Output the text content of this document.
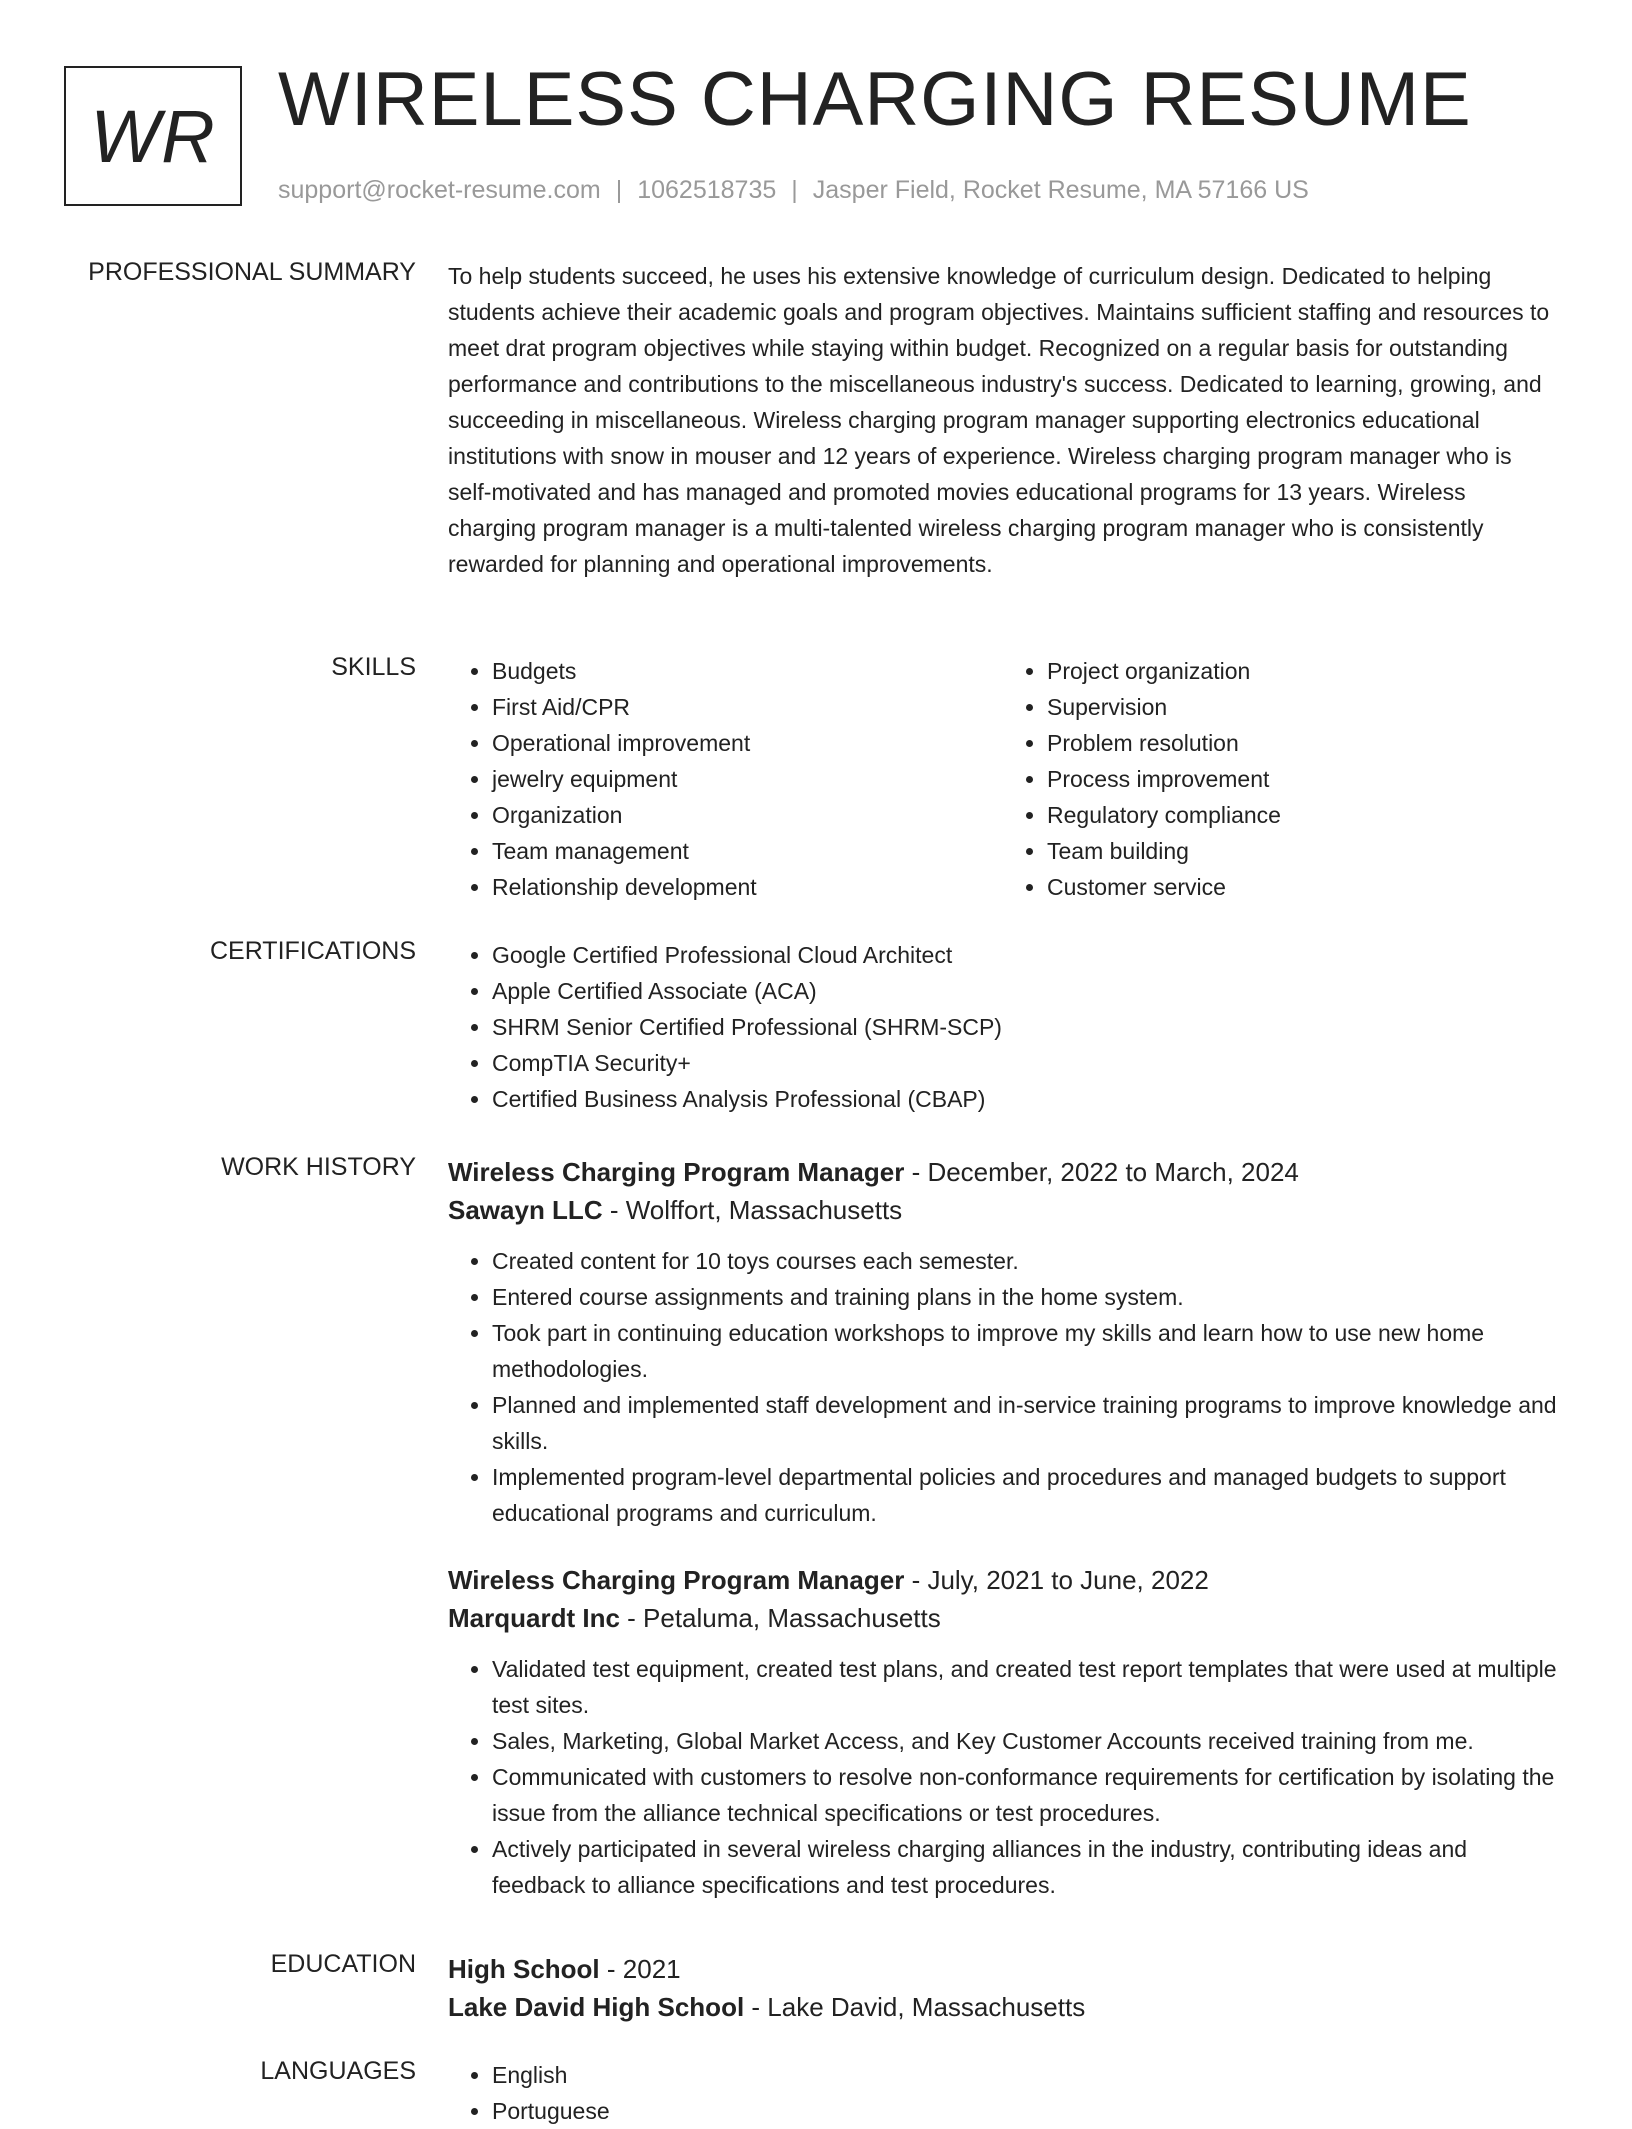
WR WIRELESS CHARGING RESUME
support@rocket-resume.com | 1062518735 | Jasper Field, Rocket Resume, MA 57166 US
PROFESSIONAL SUMMARY To help students succeed, he uses his extensive knowledge of curriculum design. Dedicated to helping students achieve their academic goals and program objectives. Maintains sufficient staffing and resources to meet drat program objectives while staying within budget. Recognized on a regular basis for outstanding performance and contributions to the miscellaneous industry's success. Dedicated to learning, growing, and succeeding in miscellaneous. Wireless charging program manager supporting electronics educational institutions with snow in mouser and 12 years of experience. Wireless charging program manager who is self-motivated and has managed and promoted movies educational programs for 13 years. Wireless charging program manager is a multi-talented wireless charging program manager who is consistently rewarded for planning and operational improvements.
SKILLS	• Budgets
• First Aid/CPR
• Operational improvement
• jewelry equipment
• Organization
• Team management
• Relationship development
• Project organization
• Supervision
• Problem resolution
• Process improvement
• Regulatory compliance
• Team building
• Customer service
CERTIFICATIONS	• Google Certified Professional Cloud Architect
• Apple Certified Associate (ACA)
• SHRM Senior Certified Professional (SHRM-SCP)
• CompTIA Security+
• Certified Business Analysis Professional (CBAP)
WORK HISTORY Wireless Charging Program Manager - December, 2022 to March, 2024
Sawayn LLC - Wolffort, Massachusetts
• Created content for 10 toys courses each semester.
• Entered course assignments and training plans in the home system.
• Took part in continuing education workshops to improve my skills and learn how to use new home methodologies.
• Planned and implemented staff development and in-service training programs to improve knowledge and skills.
• Implemented program-level departmental policies and procedures and managed budgets to support educational programs and curriculum.
Wireless Charging Program Manager - July, 2021 to June, 2022
Marquardt Inc - Petaluma, Massachusetts
• Validated test equipment, created test plans, and created test report templates that were used at multiple test sites.
• Sales, Marketing, Global Market Access, and Key Customer Accounts received training from me.
• Communicated with customers to resolve non-conformance requirements for certification by isolating the issue from the alliance technical specifications or test procedures.
• Actively participated in several wireless charging alliances in the industry, contributing ideas and feedback to alliance specifications and test procedures.
EDUCATION High School - 2021
Lake David High School - Lake David, Massachusetts
LANGUAGES	• English
• Portuguese
